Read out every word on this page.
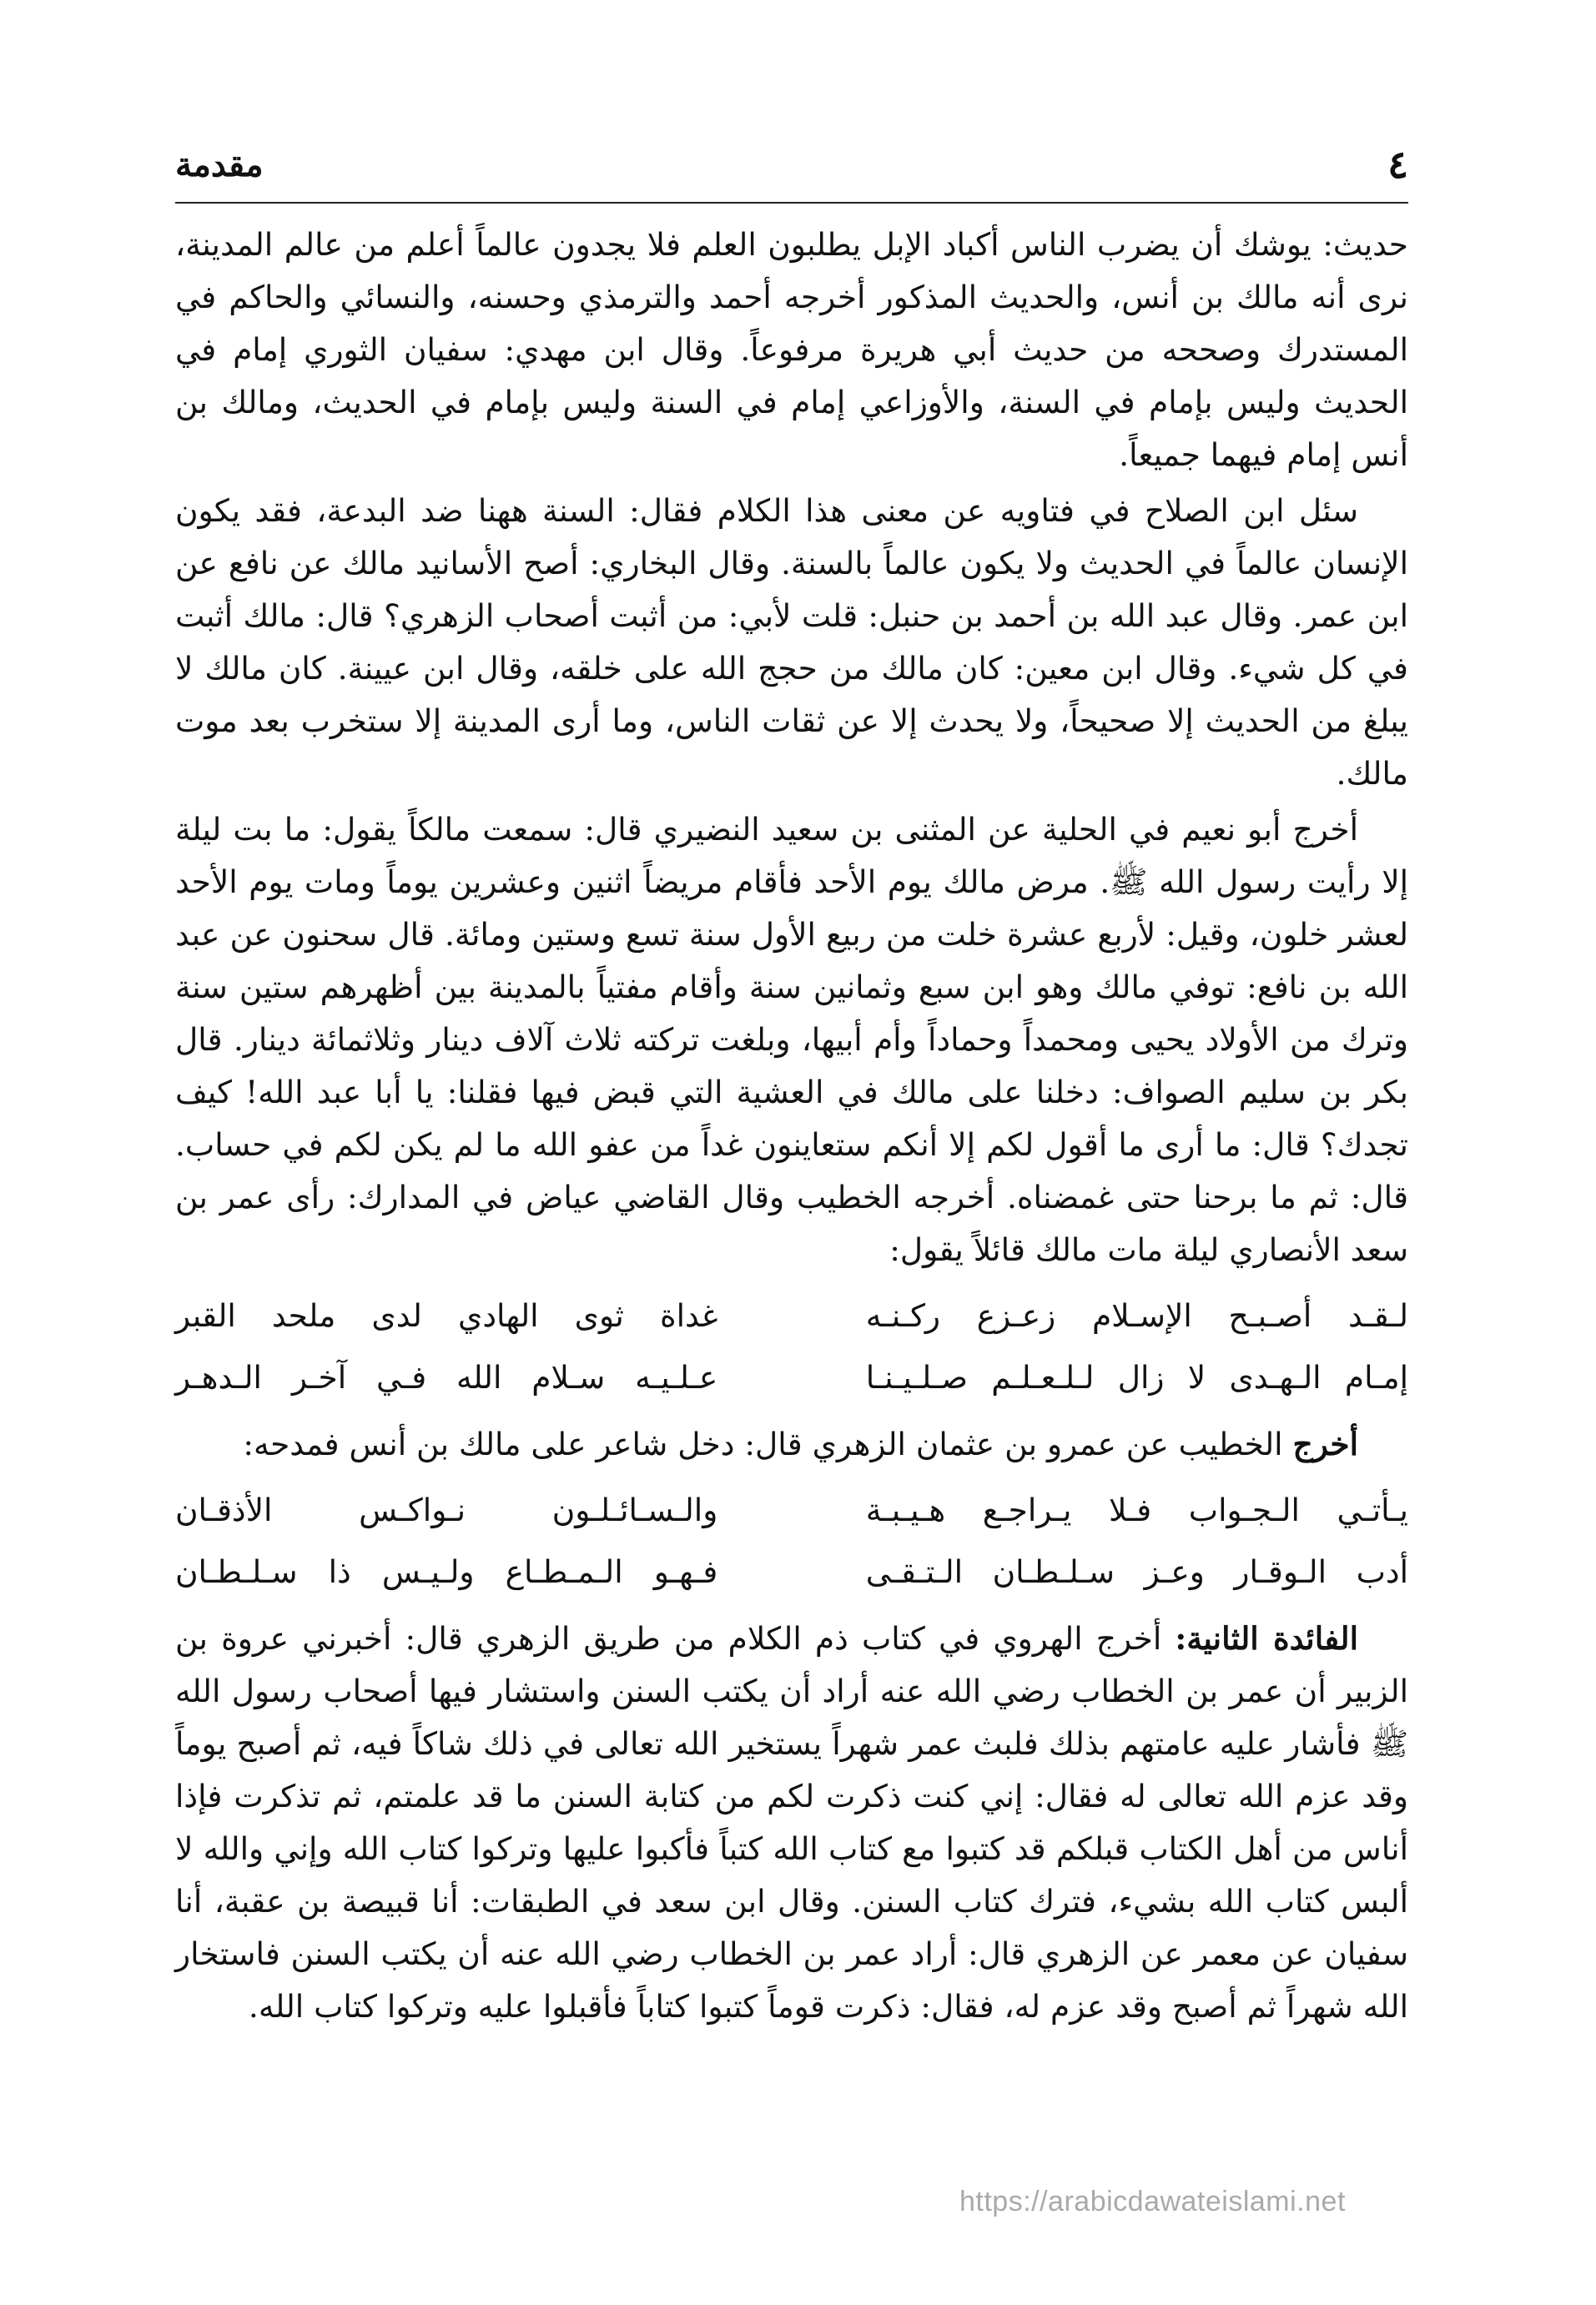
٤
مقدمة

حديث: يوشك أن يضرب الناس أكباد الإبل يطلبون العلم فلا يجدون عالماً أعلم من عالم المدينة، نرى أنه مالك بن أنس، والحديث المذكور أخرجه أحمد والترمذي وحسنه، والنسائي والحاكم في المستدرك وصححه من حديث أبي هريرة مرفوعاً. وقال ابن مهدي: سفيان الثوري إمام في الحديث وليس بإمام في السنة، والأوزاعي إمام في السنة وليس بإمام في الحديث، ومالك بن أنس إمام فيهما جميعاً.

سئل ابن الصلاح في فتاويه عن معنى هذا الكلام فقال: السنة ههنا ضد البدعة، فقد يكون الإنسان عالماً في الحديث ولا يكون عالماً بالسنة. وقال البخاري: أصح الأسانيد مالك عن نافع عن ابن عمر. وقال عبد الله بن أحمد بن حنبل: قلت لأبي: من أثبت أصحاب الزهري؟ قال: مالك أثبت في كل شيء. وقال ابن معين: كان مالك من حجج الله على خلقه، وقال ابن عيينة. كان مالك لا يبلغ من الحديث إلا صحيحاً، ولا يحدث إلا عن ثقات الناس، وما أرى المدينة إلا ستخرب بعد موت مالك.

أخرج أبو نعيم في الحلية عن المثنى بن سعيد النضيري قال: سمعت مالكاً يقول: ما بت ليلة إلا رأيت رسول الله ﷺ. مرض مالك يوم الأحد فأقام مريضاً اثنين وعشرين يوماً ومات يوم الأحد لعشر خلون، وقيل: لأربع عشرة خلت من ربيع الأول سنة تسع وستين ومائة. قال سحنون عن عبد الله بن نافع: توفي مالك وهو ابن سبع وثمانين سنة وأقام مفتياً بالمدينة بين أظهرهم ستين سنة وترك من الأولاد يحيى ومحمداً وحماداً وأم أبيها، وبلغت تركته ثلاث آلاف دينار وثلاثمائة دينار. قال بكر بن سليم الصواف: دخلنا على مالك في العشية التي قبض فيها فقلنا: يا أبا عبد الله! كيف تجدك؟ قال: ما أرى ما أقول لكم إلا أنكم ستعاينون غداً من عفو الله ما لم يكن لكم في حساب. قال: ثم ما برحنا حتى غمضناه. أخرجه الخطيب وقال القاضي عياض في المدارك: رأى عمر بن سعد الأنصاري ليلة مات مالك قائلاً يقول:

لـقـد أصـبـح الإسـلام زعـزع ركـنـه
غداة ثوى الهادي لدى ملحد القبر
إمـام الـهـدى لا زال لـلـعـلـم صـلـيـنـا
عـلـيـه سـلام الله فـي آخـر الـدهـر

أخرج الخطيب عن عمرو بن عثمان الزهري قال: دخل شاعر على مالك بن أنس فمدحه:

يـأتـي الـجـواب فـلا يـراجـع هـيـبـة
والـسـائـلـون نـواكـس الأذقـان
أدب الـوقـار وعـز سـلـطـان الـتـقـى
فـهـو الـمـطـاع ولـيـس ذا سـلـطـان

الفائدة الثانية: أخرج الهروي في كتاب ذم الكلام من طريق الزهري قال: أخبرني عروة بن الزبير أن عمر بن الخطاب رضي الله عنه أراد أن يكتب السنن واستشار فيها أصحاب رسول الله ﷺ فأشار عليه عامتهم بذلك فلبث عمر شهراً يستخير الله تعالى في ذلك شاكاً فيه، ثم أصبح يوماً وقد عزم الله تعالى له فقال: إني كنت ذكرت لكم من كتابة السنن ما قد علمتم، ثم تذكرت فإذا أناس من أهل الكتاب قبلكم قد كتبوا مع كتاب الله كتباً فأكبوا عليها وتركوا كتاب الله وإني والله لا ألبس كتاب الله بشيء، فترك كتاب السنن. وقال ابن سعد في الطبقات: أنا قبيصة بن عقبة، أنا سفيان عن معمر عن الزهري قال: أراد عمر بن الخطاب رضي الله عنه أن يكتب السنن فاستخار الله شهراً ثم أصبح وقد عزم له، فقال: ذكرت قوماً كتبوا كتاباً فأقبلوا عليه وتركوا كتاب الله.

https://arabicdawateislami.net
